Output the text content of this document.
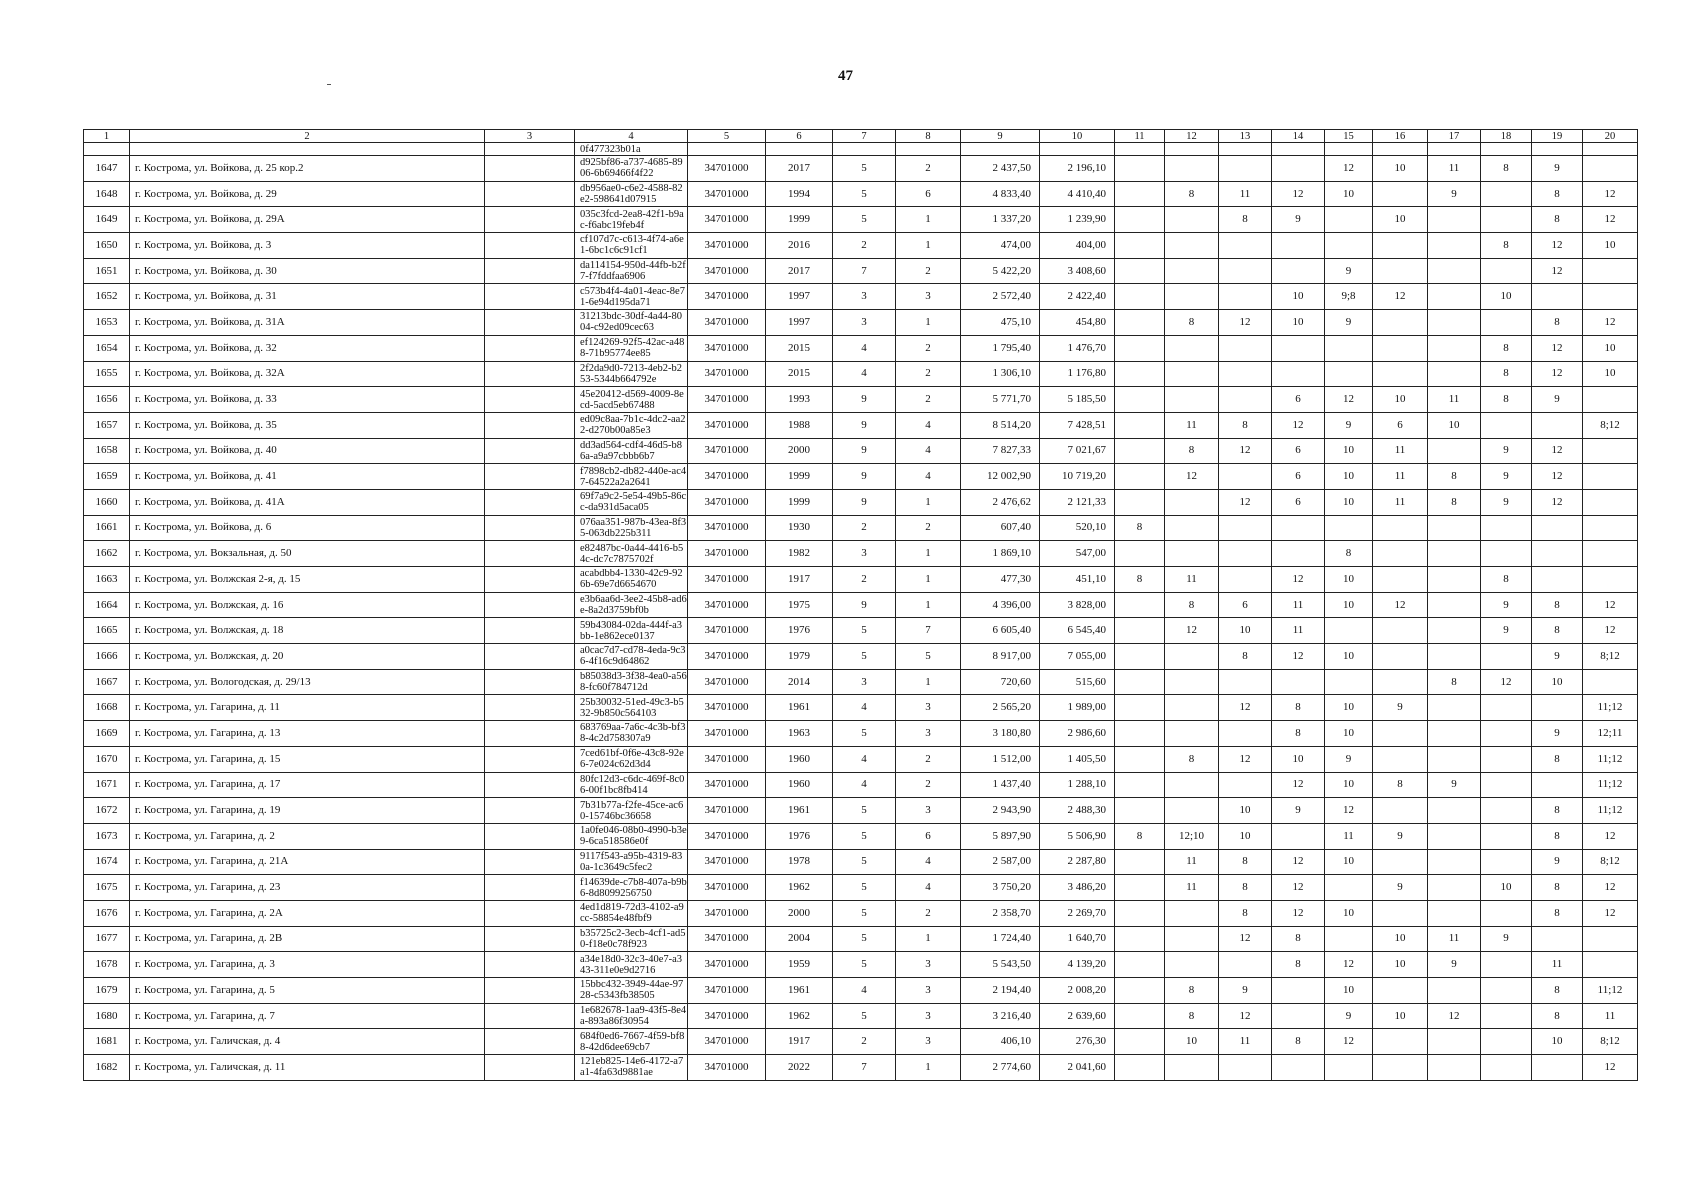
47
1	2	3	4	5	6	7	8	9	10	11	12	13	14	15	16	17	18	19	20
			0f477323b01a																
1647	г. Кострома, ул. Войкова, д. 25 кор.2		d925bf86-a737-4685-8906-6b69466f4f22	34701000	2017	5	2	2 437,50	2 196,10					12	10	11	8	9	
1648	г. Кострома, ул. Войкова, д. 29		db956ae0-c6e2-4588-82e2-598641d07915	34701000	1994	5	6	4 833,40	4 410,40		8	11	12	10		9		8	12
1649	г. Кострома, ул. Войкова, д. 29А		035c3fcd-2ea8-42f1-b9ac-f6abc19feb4f	34701000	1999	5	1	1 337,20	1 239,90			8	9		10			8	12
1650	г. Кострома, ул. Войкова, д. 3		cf107d7c-c613-4f74-a6e1-6bc1c6c91cf1	34701000	2016	2	1	474,00	404,00								8	12	10
1651	г. Кострома, ул. Войкова, д. 30		da114154-950d-44fb-b2f7-f7fddfaa6906	34701000	2017	7	2	5 422,20	3 408,60					9				12	
1652	г. Кострома, ул. Войкова, д. 31		c573b4f4-4a01-4eac-8e71-6e94d195da71	34701000	1997	3	3	2 572,40	2 422,40				10	9;8	12		10		
1653	г. Кострома, ул. Войкова, д. 31А		31213bdc-30df-4a44-8004-c92ed09cec63	34701000	1997	3	1	475,10	454,80		8	12	10	9				8	12
1654	г. Кострома, ул. Войкова, д. 32		ef124269-92f5-42ac-a488-71b95774ee85	34701000	2015	4	2	1 795,40	1 476,70								8	12	10
1655	г. Кострома, ул. Войкова, д. 32А		2f2da9d0-7213-4eb2-b253-5344b664792e	34701000	2015	4	2	1 306,10	1 176,80								8	12	10
1656	г. Кострома, ул. Войкова, д. 33		45e20412-d569-4009-8ecd-5acd5eb67488	34701000	1993	9	2	5 771,70	5 185,50				6	12	10	11	8	9	
1657	г. Кострома, ул. Войкова, д. 35		ed09c8aa-7b1c-4dc2-aa22-d270b00a85e3	34701000	1988	9	4	8 514,20	7 428,51		11	8	12	9	6	10			8;12
1658	г. Кострома, ул. Войкова, д. 40		dd3ad564-cdf4-46d5-b86a-a9a97cbbb6b7	34701000	2000	9	4	7 827,33	7 021,67		8	12	6	10	11		9	12	
1659	г. Кострома, ул. Войкова, д. 41		f7898cb2-db82-440e-ac47-64522a2a2641	34701000	1999	9	4	12 002,90	10 719,20		12		6	10	11	8	9	12	
1660	г. Кострома, ул. Войкова, д. 41А		69f7a9c2-5e54-49b5-86cc-da931d5aca05	34701000	1999	9	1	2 476,62	2 121,33			12	6	10	11	8	9	12	
1661	г. Кострома, ул. Войкова, д. 6		076aa351-987b-43ea-8f35-063db225b311	34701000	1930	2	2	607,40	520,10	8									
1662	г. Кострома, ул. Вокзальная, д. 50		e82487bc-0a44-4416-b54c-dc7c7875702f	34701000	1982	3	1	1 869,10	547,00					8					
1663	г. Кострома, ул. Волжская 2-я, д. 15		acabdbb4-1330-42c9-926b-69e7d6654670	34701000	1917	2	1	477,30	451,10	8	11		12	10			8		
1664	г. Кострома, ул. Волжская, д. 16		e3b6aa6d-3ee2-45b8-ad6e-8a2d3759bf0b	34701000	1975	9	1	4 396,00	3 828,00		8	6	11	10	12		9	8	12
1665	г. Кострома, ул. Волжская, д. 18		59b43084-02da-444f-a3bb-1e862ece0137	34701000	1976	5	7	6 605,40	6 545,40		12	10	11				9	8	12
1666	г. Кострома, ул. Волжская, д. 20		a0cac7d7-cd78-4eda-9c36-4f16c9d64862	34701000	1979	5	5	8 917,00	7 055,00			8	12	10				9	8;12
1667	г. Кострома, ул. Вологодская, д. 29/13		b85038d3-3f38-4ea0-a568-fc60f784712d	34701000	2014	3	1	720,60	515,60							8	12	10	
1668	г. Кострома, ул. Гагарина, д. 11		25b30032-51ed-49c3-b532-9b850c564103	34701000	1961	4	3	2 565,20	1 989,00			12	8	10	9				11;12
1669	г. Кострома, ул. Гагарина, д. 13		683769aa-7a6c-4c3b-bf38-4c2d758307a9	34701000	1963	5	3	3 180,80	2 986,60				8	10				9	12;11
1670	г. Кострома, ул. Гагарина, д. 15		7ced61bf-0f6e-43c8-92e6-7e024c62d3d4	34701000	1960	4	2	1 512,00	1 405,50		8	12	10	9				8	11;12
1671	г. Кострома, ул. Гагарина, д. 17		80fc12d3-c6dc-469f-8c06-00f1bc8fb414	34701000	1960	4	2	1 437,40	1 288,10				12	10	8	9			11;12
1672	г. Кострома, ул. Гагарина, д. 19		7b31b77a-f2fe-45ce-ac60-15746bc36658	34701000	1961	5	3	2 943,90	2 488,30			10	9	12				8	11;12
1673	г. Кострома, ул. Гагарина, д. 2		1a0fe046-08b0-4990-b3e9-6ca518586e0f	34701000	1976	5	6	5 897,90	5 506,90	8	12;10	10		11	9			8	12
1674	г. Кострома, ул. Гагарина, д. 21А		9117f543-a95b-4319-830a-1c3649c5fec2	34701000	1978	5	4	2 587,00	2 287,80		11	8	12	10				9	8;12
1675	г. Кострома, ул. Гагарина, д. 23		f14639de-c7b8-407a-b9b6-8d8099256750	34701000	1962	5	4	3 750,20	3 486,20		11	8	12		9		10	8	12
1676	г. Кострома, ул. Гагарина, д. 2А		4ed1d819-72d3-4102-a9cc-58854e48fbf9	34701000	2000	5	2	2 358,70	2 269,70			8	12	10				8	12
1677	г. Кострома, ул. Гагарина, д. 2В		b35725c2-3ecb-4cf1-ad50-f18e0c78f923	34701000	2004	5	1	1 724,40	1 640,70			12	8		10	11	9		
1678	г. Кострома, ул. Гагарина, д. 3		a34e18d0-32c3-40e7-a343-311e0e9d2716	34701000	1959	5	3	5 543,50	4 139,20				8	12	10	9		11	
1679	г. Кострома, ул. Гагарина, д. 5		15bbc432-3949-44ae-9728-c5343fb38505	34701000	1961	4	3	2 194,40	2 008,20		8	9		10				8	11;12
1680	г. Кострома, ул. Гагарина, д. 7		1e682678-1aa9-43f5-8e4a-893a86f30954	34701000	1962	5	3	3 216,40	2 639,60		8	12		9	10	12		8	11
1681	г. Кострома, ул. Галичская, д. 4		684f0ed6-7667-4f59-bf88-42d6dee69cb7	34701000	1917	2	3	406,10	276,30		10	11	8	12				10	8;12
1682	г. Кострома, ул. Галичская, д. 11		121eb825-14e6-4172-a7a1-4fa63d9881ae	34701000	2022	7	1	2 774,60	2 041,60										12
